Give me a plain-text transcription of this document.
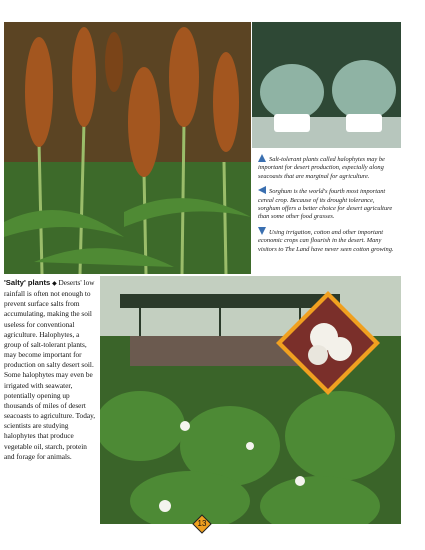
Salt-tolerant plants called halophytes may be important for desert production, especially along seacoasts that are marginal for agriculture.

Sorghum is the world's fourth most important cereal crop. Because of its drought tolerance, sorghum offers a better choice for desert agriculture than some other food grasses.

Using irrigation, cotton and other important economic crops can flourish in the desert. Many visitors to The Land have never seen cotton growing.

'Salty' plants ◆ Deserts' low rainfall is often not enough to prevent surface salts from accumulating, making the soil useless for conventional agriculture. Halophytes, a group of salt-tolerant plants, may become important for production on salty desert soil. Some halophytes may even be irrigated with seawater, potentially opening up thousands of miles of desert seacoasts to agriculture. Today, scientists are studying halophytes that produce vegetable oil, starch, protein and forage for animals.

13
